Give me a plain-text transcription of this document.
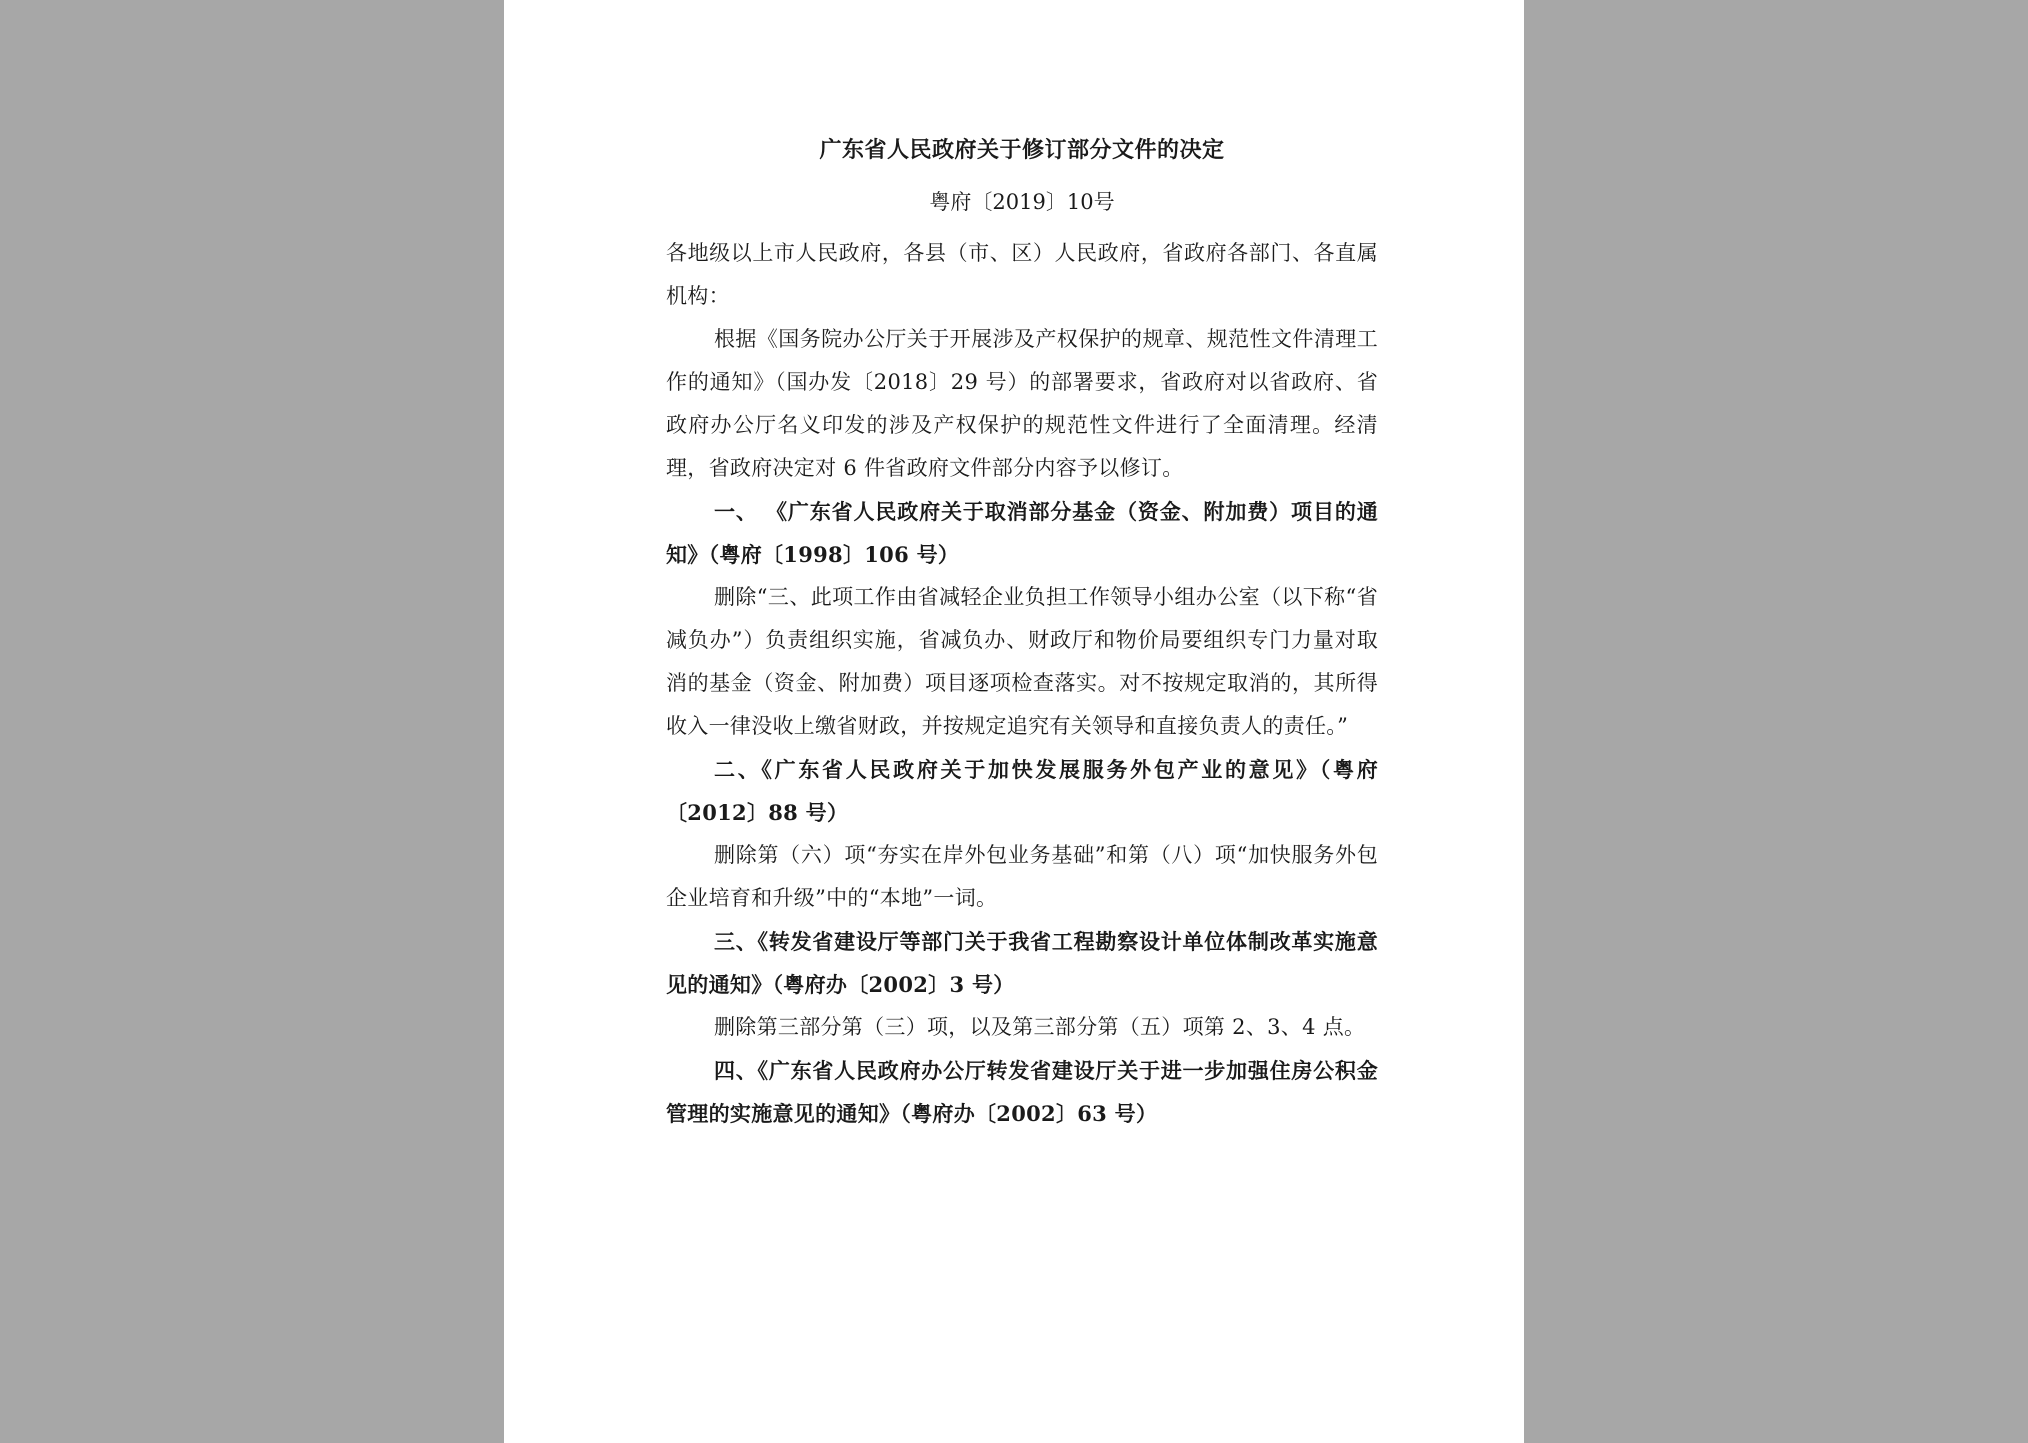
广东省人民政府关于修订部分文件的决定

粤府〔2019〕10号

各地级以上市人民政府，各县（市、区）人民政府，省政府各部门、各直属机构：

根据《国务院办公厅关于开展涉及产权保护的规章、规范性文件清理工作的通知》（国办发〔2018〕29 号）的部署要求，省政府对以省政府、省政府办公厅名义印发的涉及产权保护的规范性文件进行了全面清理。经清理，省政府决定对 6 件省政府文件部分内容予以修订。

一、 《广东省人民政府关于取消部分基金（资金、附加费）项目的通知》（粤府〔1998〕106 号）

删除“三、此项工作由省减轻企业负担工作领导小组办公室（以下称“省减负办”）负责组织实施，省减负办、财政厅和物价局要组织专门力量对取消的基金（资金、附加费）项目逐项检查落实。对不按规定取消的，其所得收入一律没收上缴省财政，并按规定追究有关领导和直接负责人的责任。”

二、《广东省人民政府关于加快发展服务外包产业的意见》（粤府〔2012〕88 号）

删除第（六）项“夯实在岸外包业务基础”和第（八）项“加快服务外包企业培育和升级”中的“本地”一词。

三、《转发省建设厅等部门关于我省工程勘察设计单位体制改革实施意见的通知》（粤府办〔2002〕3 号）

删除第三部分第（三）项，以及第三部分第（五）项第 2、3、4 点。

四、《广东省人民政府办公厅转发省建设厅关于进一步加强住房公积金管理的实施意见的通知》（粤府办〔2002〕63 号）
